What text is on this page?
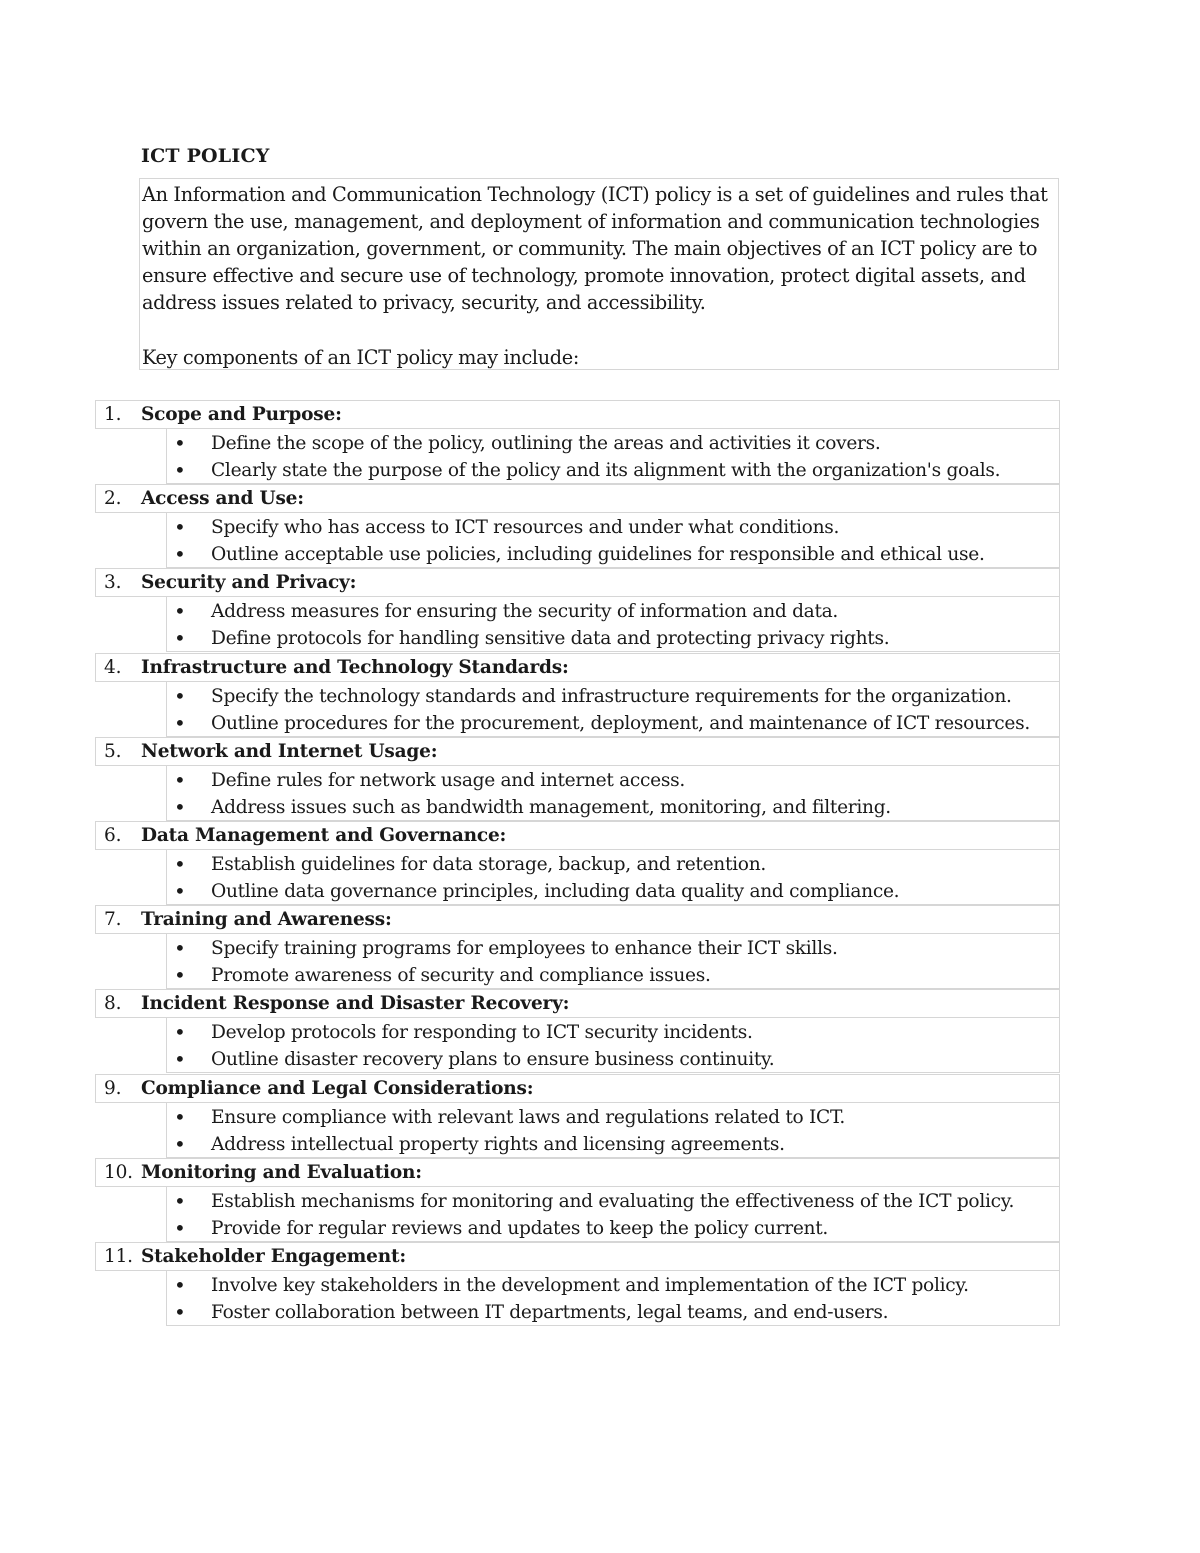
ICT POLICY
An Information and Communication Technology (ICT) policy is a set of guidelines and rules that
govern the use, management, and deployment of information and communication technologies
within an organization, government, or community. The main objectives of an ICT policy are to
ensure effective and secure use of technology, promote innovation, protect digital assets, and
address issues related to privacy, security, and accessibility.
Key components of an ICT policy may include:
1.	Scope and Purpose:
• Define the scope of the policy, outlining the areas and activities it covers.
• Clearly state the purpose of the policy and its alignment with the organization's goals.
2.	Access and Use:
• Specify who has access to ICT resources and under what conditions.
• Outline acceptable use policies, including guidelines for responsible and ethical use.
3.	Security and Privacy:
• Address measures for ensuring the security of information and data.
• Define protocols for handling sensitive data and protecting privacy rights.
4.	Infrastructure and Technology Standards:
• Specify the technology standards and infrastructure requirements for the organization.
• Outline procedures for the procurement, deployment, and maintenance of ICT resources.
5.	Network and Internet Usage:
• Define rules for network usage and internet access.
• Address issues such as bandwidth management, monitoring, and filtering.
6.	Data Management and Governance:
• Establish guidelines for data storage, backup, and retention.
• Outline data governance principles, including data quality and compliance.
7.	Training and Awareness:
• Specify training programs for employees to enhance their ICT skills.
• Promote awareness of security and compliance issues.
8.	Incident Response and Disaster Recovery:
• Develop protocols for responding to ICT security incidents.
• Outline disaster recovery plans to ensure business continuity.
9.	Compliance and Legal Considerations:
• Ensure compliance with relevant laws and regulations related to ICT.
• Address intellectual property rights and licensing agreements.
10. Monitoring and Evaluation:
• Establish mechanisms for monitoring and evaluating the effectiveness of the ICT policy.
• Provide for regular reviews and updates to keep the policy current.
11. Stakeholder Engagement:
• Involve key stakeholders in the development and implementation of the ICT policy.
• Foster collaboration between IT departments, legal teams, and end-users.
